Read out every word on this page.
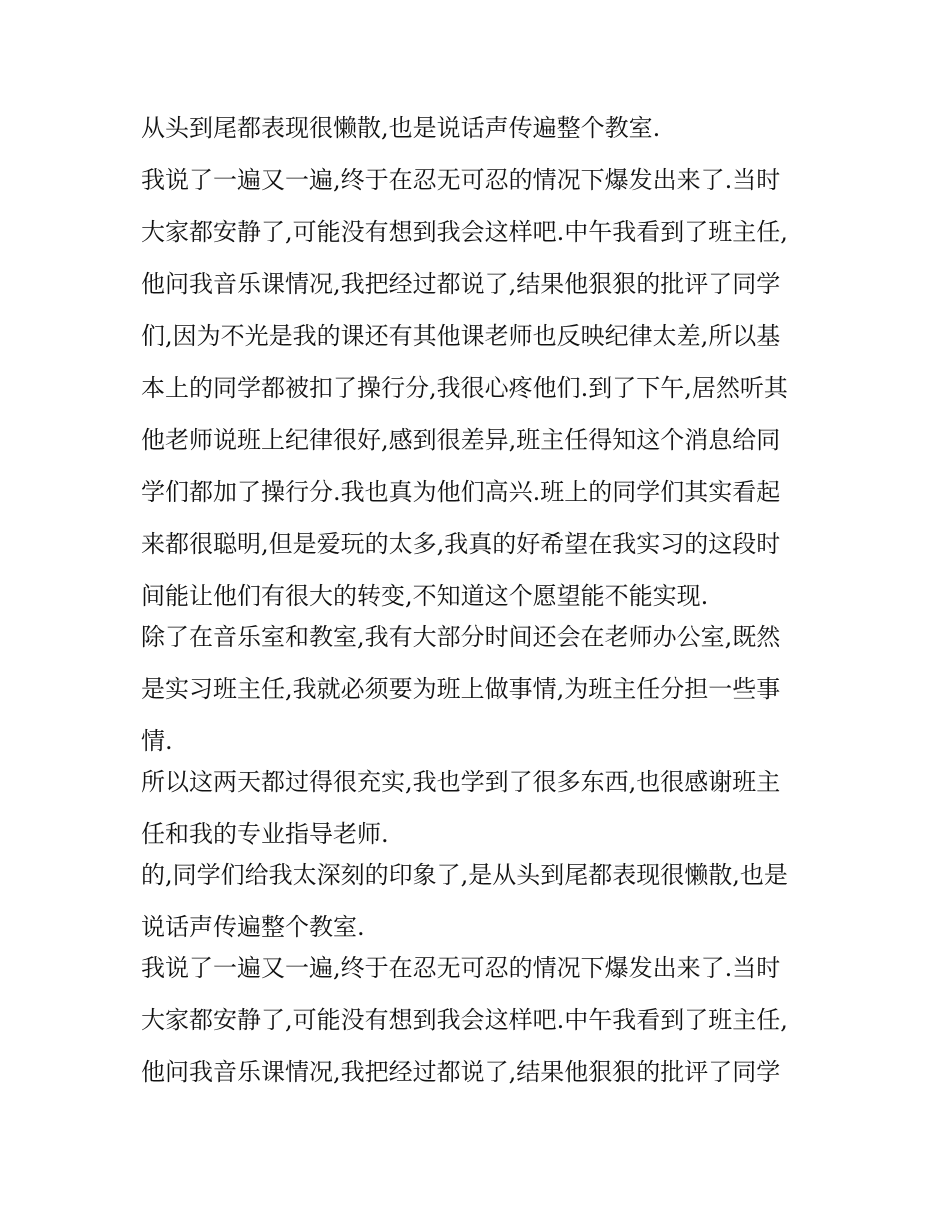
从头到尾都表现很懒散,也是说话声传遍整个教室.
我说了一遍又一遍,终于在忍无可忍的情况下爆发出来了.当时
大家都安静了,可能没有想到我会这样吧.中午我看到了班主任,
他问我音乐课情况,我把经过都说了,结果他狠狠的批评了同学
们,因为不光是我的课还有其他课老师也反映纪律太差,所以基
本上的同学都被扣了操行分,我很心疼他们.到了下午,居然听其
他老师说班上纪律很好,感到很差异,班主任得知这个消息给同
学们都加了操行分.我也真为他们高兴.班上的同学们其实看起
来都很聪明,但是爱玩的太多,我真的好希望在我实习的这段时
间能让他们有很大的转变,不知道这个愿望能不能实现.
除了在音乐室和教室,我有大部分时间还会在老师办公室,既然
是实习班主任,我就必须要为班上做事情,为班主任分担一些事
情.
所以这两天都过得很充实,我也学到了很多东西,也很感谢班主
任和我的专业指导老师.
的,同学们给我太深刻的印象了,是从头到尾都表现很懒散,也是
说话声传遍整个教室.
我说了一遍又一遍,终于在忍无可忍的情况下爆发出来了.当时
大家都安静了,可能没有想到我会这样吧.中午我看到了班主任,
他问我音乐课情况,我把经过都说了,结果他狠狠的批评了同学
